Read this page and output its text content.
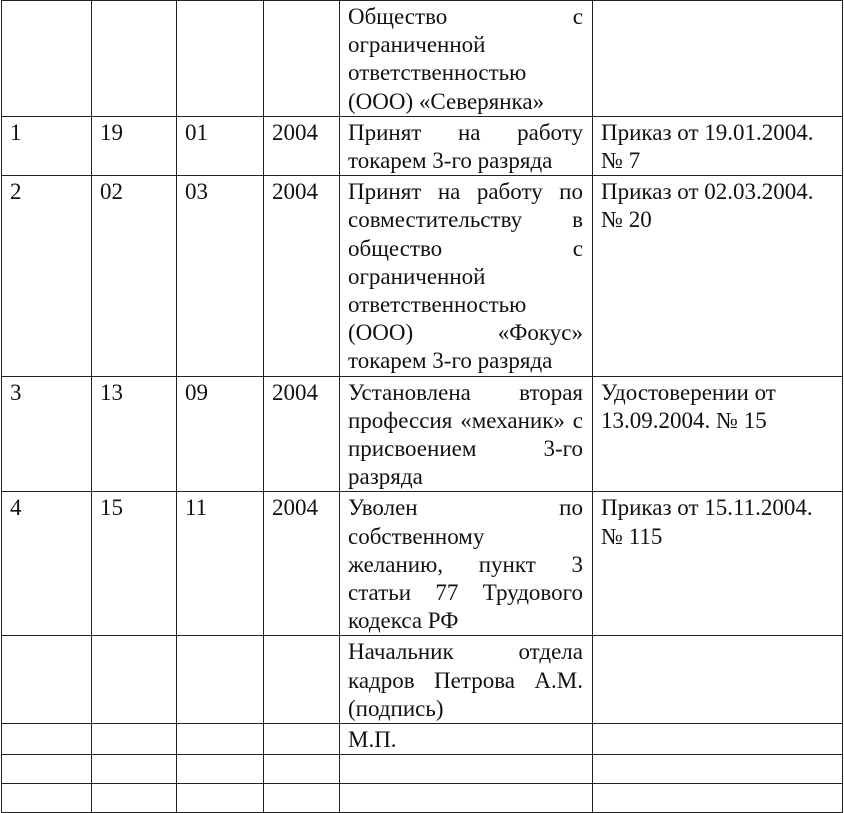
				Общество с ограниченной ответственностью (ООО) «Северянка»	
1	19	01	2004	Принят на работу токарем 3-го разряда	Приказ от 19.01.2004. № 7
2	02	03	2004	Принят на работу по совместительству в общество с ограниченной ответственностью (ООО) «Фокус» токарем 3-го разряда	Приказ от 02.03.2004. № 20
3	13	09	2004	Установлена вторая профессия «механик» с присвоением 3-го разряда	Удостоверении от 13.09.2004. № 15
4	15	11	2004	Уволен по собственному желанию, пункт 3 статьи 77 Трудового кодекса РФ	Приказ от 15.11.2004. № 115
				Начальник отдела кадров Петрова А.М. (подпись)	
				М.П.	
